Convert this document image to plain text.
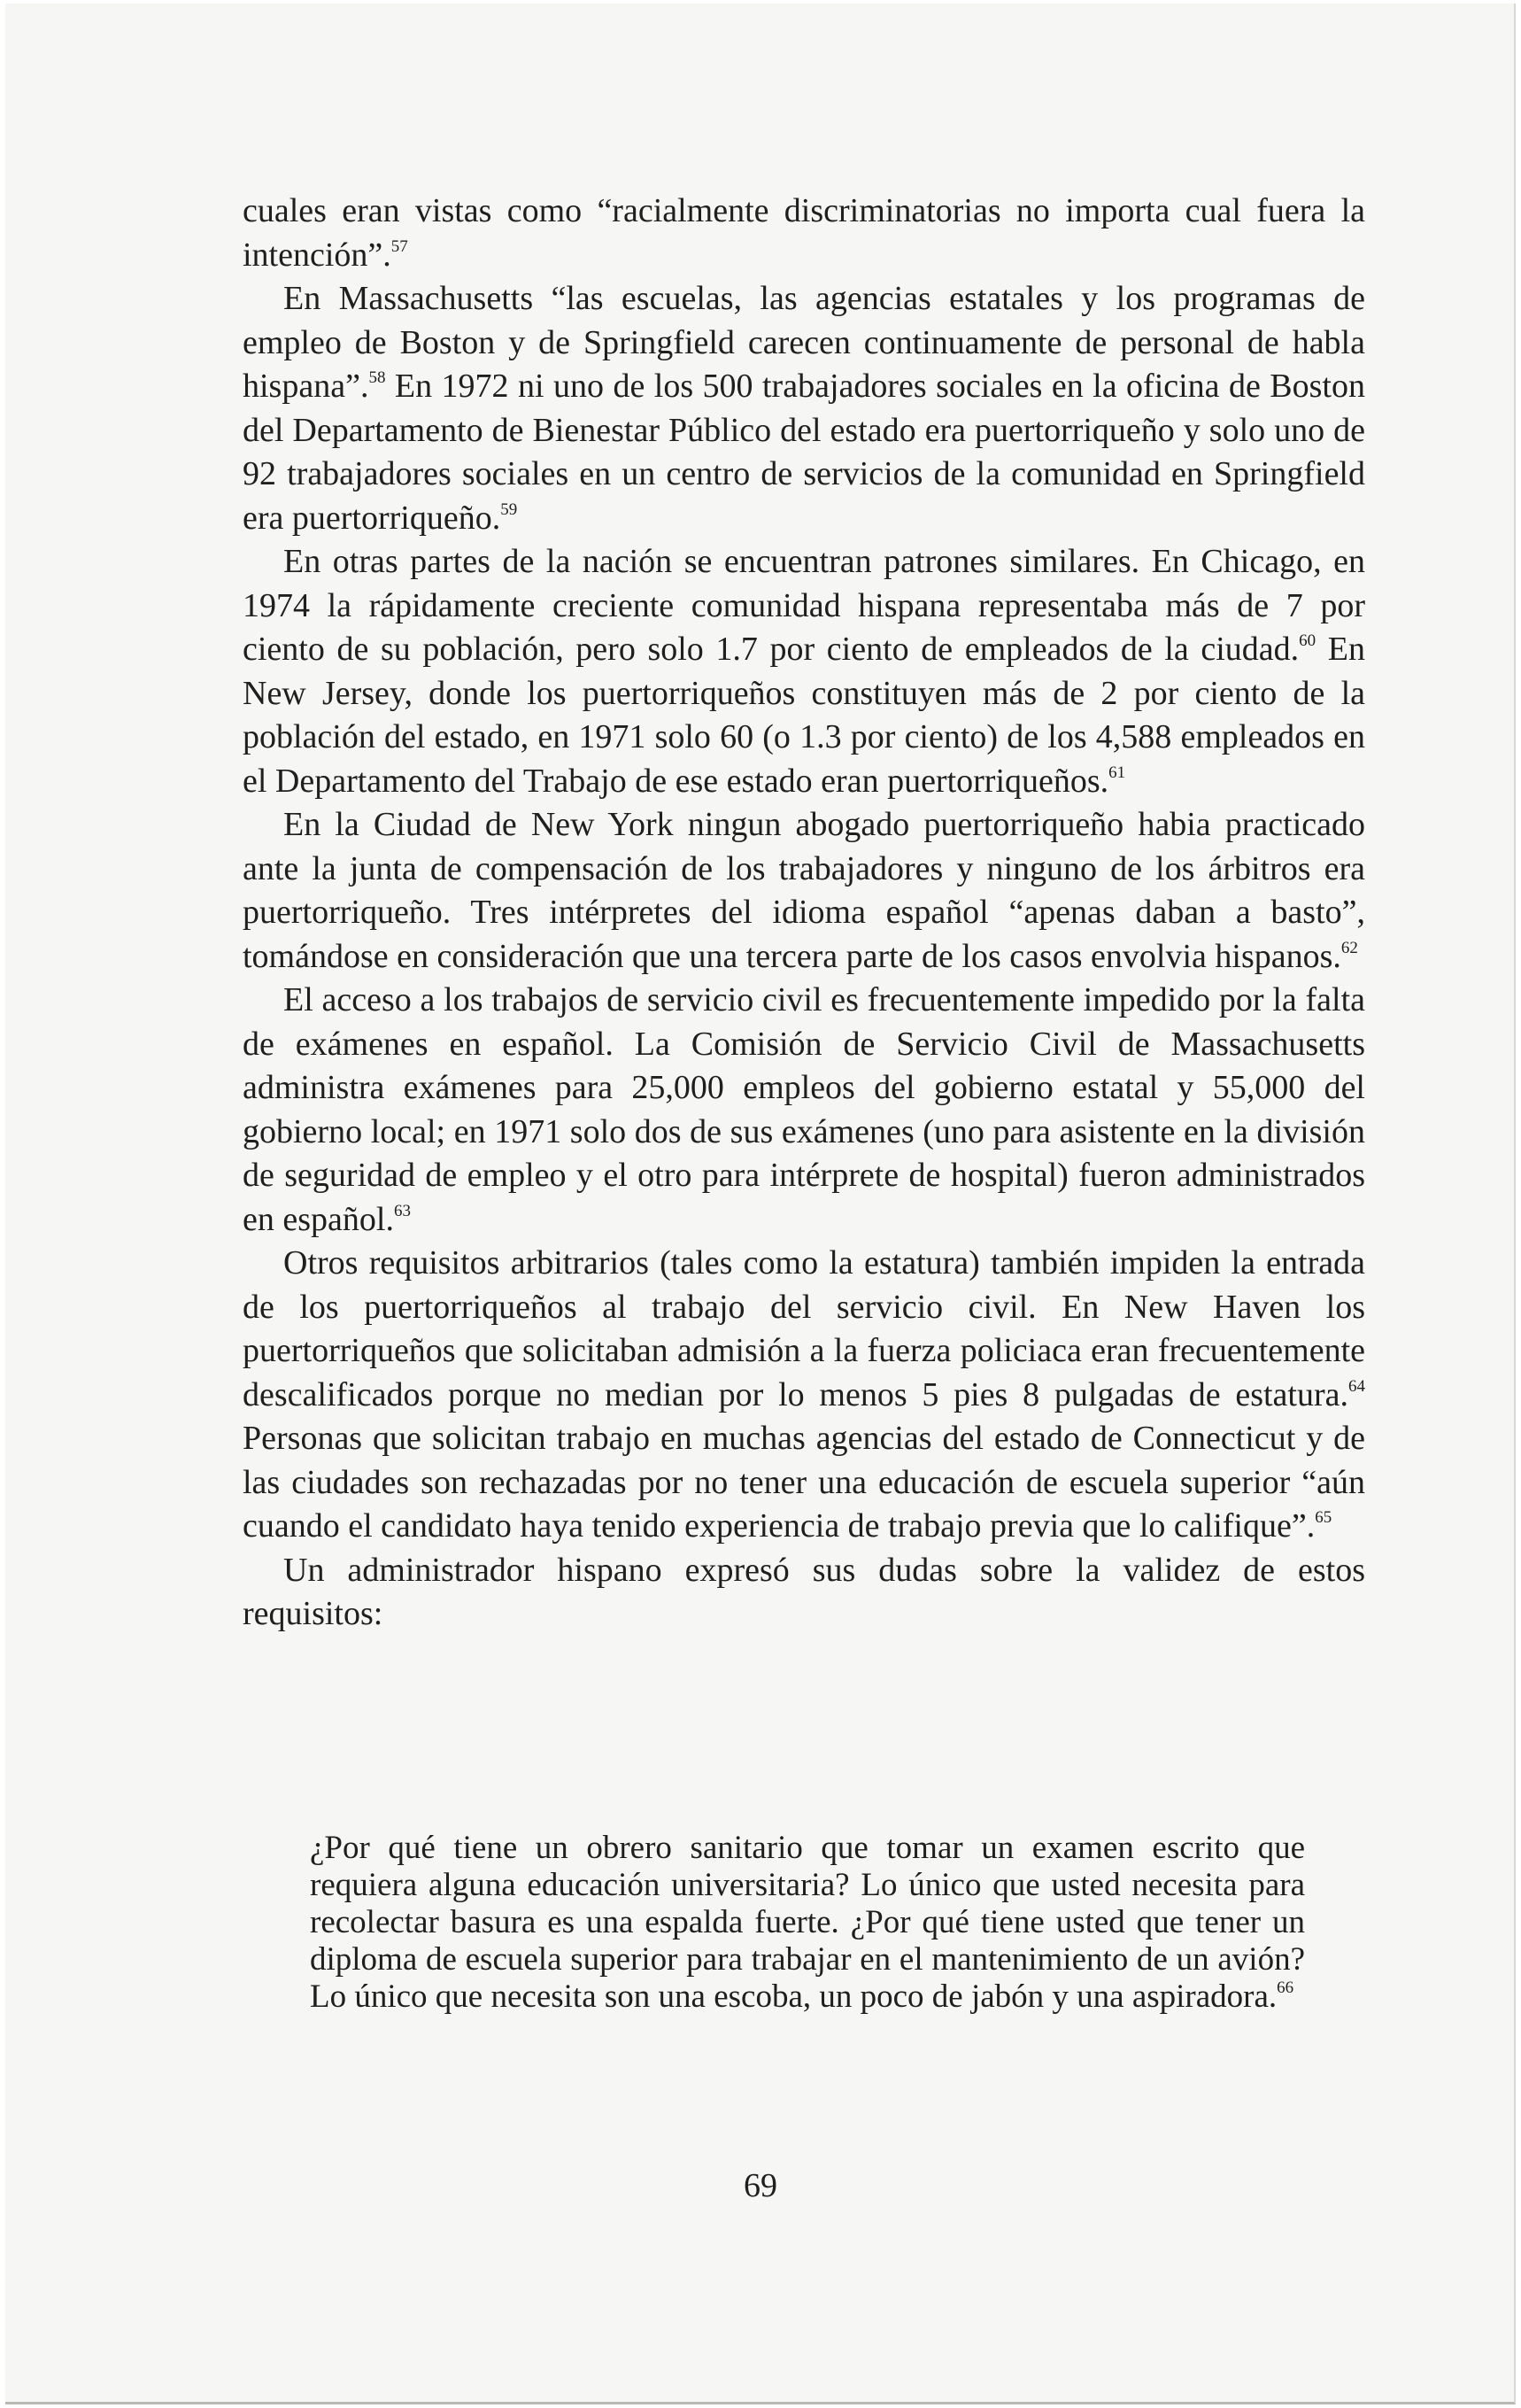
cuales eran vistas como “racialmente discriminatorias no importa cual fuera la intención”.$^{57}$

En Massachusetts “las escuelas, las agencias estatales y los programas de empleo de Boston y de Springfield carecen continuamente de personal de habla hispana”.$^{58}$ En 1972 ni uno de los 500 trabajadores sociales en la oficina de Boston del Departamento de Bienestar Público del estado era puertorriqueño y solo uno de 92 trabajadores sociales en un centro de servicios de la comunidad en Springfield era puertorriqueño.$^{59}$

En otras partes de la nación se encuentran patrones similares. En Chicago, en 1974 la rápidamente creciente comunidad hispana representaba más de 7 por ciento de su población, pero solo 1.7 por ciento de empleados de la ciudad.$^{60}$ En New Jersey, donde los puertorriqueños constituyen más de 2 por ciento de la población del estado, en 1971 solo 60 (o 1.3 por ciento) de los 4,588 empleados en el Departamento del Trabajo de ese estado eran puertorriqueños.$^{61}$

En la Ciudad de New York ningun abogado puertorriqueño habia practicado ante la junta de compensación de los trabajadores y ninguno de los árbitros era puertorriqueño. Tres intérpretes del idioma español “apenas daban a basto”, tomándose en consideración que una tercera parte de los casos envolvia hispanos.$^{62}$

El acceso a los trabajos de servicio civil es frecuentemente impedido por la falta de exámenes en español. La Comisión de Servicio Civil de Massachusetts administra exámenes para 25,000 empleos del gobierno estatal y 55,000 del gobierno local; en 1971 solo dos de sus exámenes (uno para asistente en la división de seguridad de empleo y el otro para intérprete de hospital) fueron administrados en español.$^{63}$

Otros requisitos arbitrarios (tales como la estatura) también impiden la entrada de los puertorriqueños al trabajo del servicio civil. En New Haven los puertorriqueños que solicitaban admisión a la fuerza policiaca eran frecuentemente descalificados porque no median por lo menos 5 pies 8 pulgadas de estatura.$^{64}$ Personas que solicitan trabajo en muchas agencias del estado de Connecticut y de las ciudades son rechazadas por no tener una educación de escuela superior “aún cuando el candidato haya tenido experiencia de trabajo previa que lo califique”.$^{65}$

Un administrador hispano expresó sus dudas sobre la validez de estos requisitos:

¿Por qué tiene un obrero sanitario que tomar un examen escrito que requiera alguna educación universitaria? Lo único que usted necesita para recolectar basura es una espalda fuerte. ¿Por qué tiene usted que tener un diploma de escuela superior para trabajar en el mantenimiento de un avión? Lo único que necesita son una escoba, un poco de jabón y una aspiradora.$^{66}$
69
